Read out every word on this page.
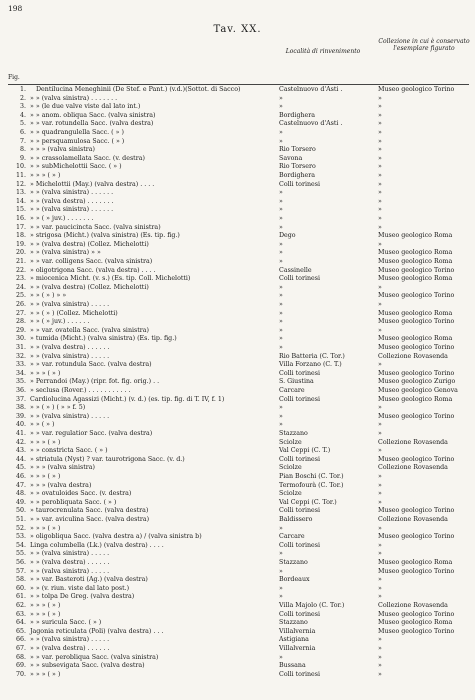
198
Tav. XX.
Fig.
Località di rinvenimento
Collezione in cui è conservato l'esemplare figurato
1. Dentilucina Meneghinii (De Stef. e Pant.) (v.d.)(Sottot. di Sacco)	Castelnuovo d'Asti .	Museo geologico Torino
2. » » (valva sinistra) . . . . . . .	»	»
3. » » (le due valve viste dal lato int.)	»	»
4. » » anom. obliqua Sacc. (valva sinistra)	Bordighera	»
5. » » var. rotundella Sacc. (valva destra)	Castelnuovo d'Asti .	»
6. » » quadrangulella Sacc. ( » )	»	»
7. » » persquamulosa Sacc. ( » )	»	»
8. » » » (valva sinistra)	Rio Torsero	»
9. » » crassolamellata Sacc. (v. destra)	Savona	»
10. » » subMichelottii Sacc. ( » )	Rio Torsero	»
11. » » » ( » )	Bordighera	»
12. » Michelottii (May.) (valva destra) . . . .	Colli torinesi	»
13. » » (valva sinistra) . . . . . .	»	»
14. » » (valva destra) . . . . . . .	»	»
15. » » (valva sinistra) . . . . . .	»	»
16. » » ( » juv.) . . . . . . .	»	»
17. » » var. paucicincta Sacc. (valva sinistra)	»	»
18. » strigosa (Micht.) (valva sinistra) (Es. tip. fig.)	Dego	Museo geologico Roma
19. » » (valva destra) (Collez. Michelotti)	»	»
20. » » (valva sinistra) » »	»	Museo geologico Roma
21. » » var. colligens Sacc. (valva sinistra)	»	Museo geologico Roma
22. » oligotrigona Sacc. (valva destra) . . . .	Cassinelle	Museo geologico Torino
23. » miocenica Micht. (v. s.) (Es. tip. Coll. Michelotti)	Colli torinesi	Museo geologico Roma
24. » » (valva destra) (Collez. Michelotti)	»	»
25. » » ( » ) » »	»	Museo geologico Torino
26. » » (valva sinistra) . . . . .	»	»
27. » » ( » ) (Collez. Michelotti)	»	Museo geologico Roma
28. » » ( » juv.) . . . . . .	»	Museo geologico Torino
29. » » var. ovatella Sacc. (valva sinistra)	»	»
30. » tumida (Micht.) (valva sinistra) (Es. tip. fig.)	»	Museo geologico Roma
31. » » (valva destra) . . . . . .	»	Museo geologico Torino
32. » » (valva sinistra) . . . . .	Rio Batteria (C. Tor.)	Collezione Rovasenda
33. » » var. rotundula Sacc. (valva destra)	Villa Forzano (C. T.)	»
34. » » » ( » )	Colli torinesi	Museo geologico Torino
35. » Perrandoi (May.) (ripr. fot. fig. orig.) . .	S. Giustina	Museo geologico Zurigo
36. » seclusa (Rover.) . . . . . . . . . . .	Carcare	Museo geologico Genova
37. Cardiolucina Agassizi (Micht.) (v. d.) (es. tip. fig. di T. IV, f. 1)	Colli torinesi	Museo geologico Roma
38. » » ( » ) ( » » f. 5)	»	»
39. » » (valva sinistra) . . . . .	»	Museo geologico Torino
40. » » ( » )	»	»
41. » » var. regulatior Sacc. (valva destra)	Stazzano	»
42. » » » ( » )	Sciolze	Collezione Rovasenda
43. » » constricta Sacc. ( » )	Val Ceppi (C. T.)	»
44. » striatula (Nyst) ? var. taurotrigona Sacc. (v. d.)	Colli torinesi	Museo geologico Torino
45. » » » (valva sinistra)	Sciolze	Collezione Rovasenda
46. » » » ( » )	Pian Boschi (C. Tor.)	»
47. » » » (valva destra)	Termofourà (C. Tor.)	»
48. » » ovatuloides Sacc. (v. destra)	Sciolze	»
49. » » perobliquata Sacc. ( » )	Val Ceppi (C. Tor.)	»
50. » taurocrenulata Sacc. (valva destra)	Colli torinesi	Museo geologico Torino
51. » » var. aviculina Sacc. (valva destra)	Baldissero	Collezione Rovasenda
52. » » » ( » )	»	»
53. » oligobliqua Sacc. (valva destra a) / (valva sinistra b)	Carcare	Museo geologico Torino
54. Linga columbella (Lk.) (valva destra) . . . .	Colli torinesi	»
55. » » (valva sinistra) . . . . .	»	»
56. » » (valva destra) . . . . . .	Stazzano	Museo geologico Roma
57. » » (valva sinistra) . . . . .	»	Museo geologico Torino
58. » » var. Basteroti (Ag.) (valva destra)	Bordeaux	»
60. » » (v. riun. viste dal lato post.)	»	»
61. » » tolpa De Greg. (valva destra)	»	»
62. » » » ( » )	Villa Majolo (C. Tor.)	Collezione Rovasenda
63. » » » ( » )	Colli torinesi	Museo geologico Torino
64. » » suricula Sacc. ( » )	Stazzano	Museo geologico Roma
65. Jagonia reticulata (Poli) (valva destra) . . .	Villalvernia	Museo geologico Torino
66. » » (valva sinistra) . . . . .	Astigiana	»
67. » » (valva destra) . . . . . .	Villalvernia	»
68. » » var. perobliqua Sacc. (valva sinistra)	»	»
69. » » subsevigata Sacc. (valva destra)	Bussana	»
70. » » » ( » )	Colli torinesi	»
